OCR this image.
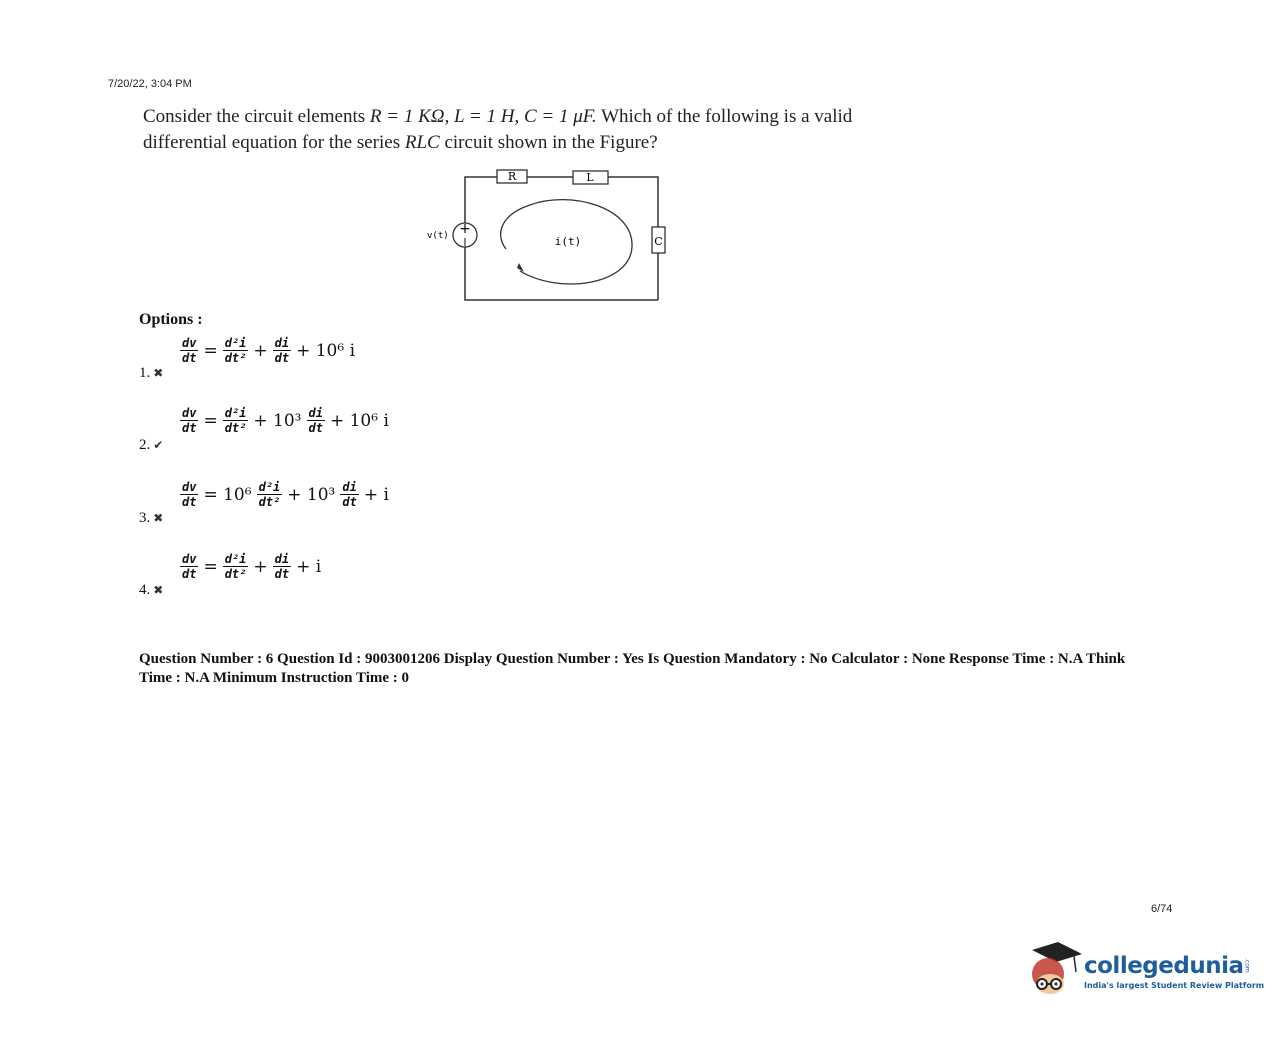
7/20/22, 3:04 PM
Consider the circuit elements R = 1 KΩ, L = 1 H, C = 1 μF. Which of the following is a valid
differential equation for the series RLC circuit shown in the Figure?
R	L
C
+
v(t)	i(t)
Options :
1. ✖
$\frac{dv}{dt} = \frac{\text{d²i}}{\text{dt²}} + \frac{di}{dt} + 10^6$ i
2. ✔
$\frac{dv}{dt} = \frac{\text{d²i}}{\text{dt²}} + 10^3 \frac{di}{dt} + 10^6$ i
3. ✖
$\frac{dv}{dt} = 10^6 \frac{\text{d²i}}{\text{dt²}} + 10^3 \frac{di}{dt} + i$
4. ✖
$\frac{dv}{dt} = \frac{\text{d²i}}{\text{dt²}} + \frac{di}{dt} + i$
Question Number : 6 Question Id : 9003001206 Display Question Number : Yes Is Question Mandatory : No Calculator : None Response Time : N.A Think Time : N.A Minimum Instruction Time : 0
6/74
collegedunia.com
India's largest Student Review Platform
